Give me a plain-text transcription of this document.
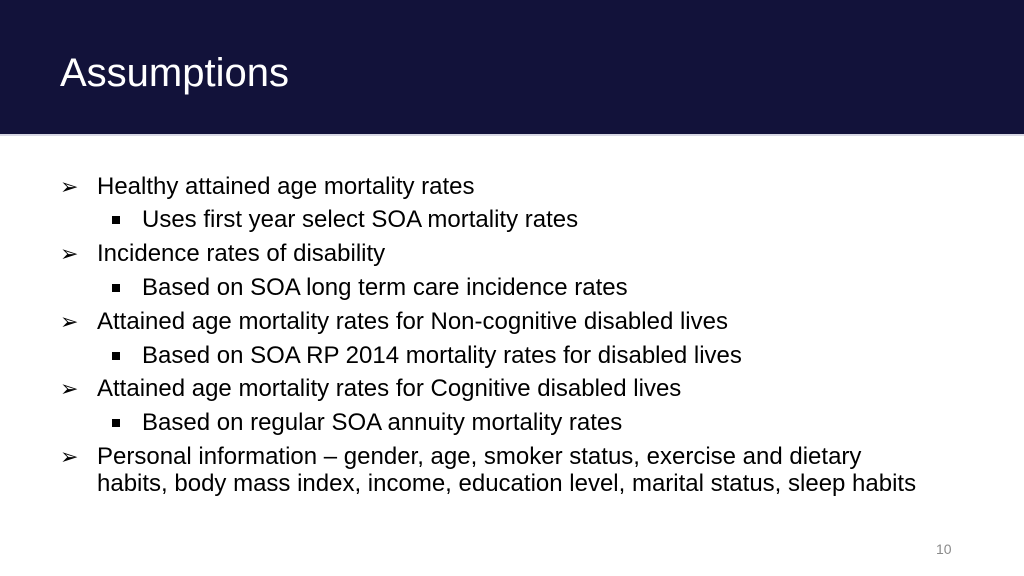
Assumptions
➢ Healthy attained age mortality rates
Uses first year select SOA mortality rates
➢ Incidence rates of disability
Based on SOA long term care incidence rates
➢ Attained age mortality rates for Non-cognitive disabled lives
Based on SOA RP 2014 mortality rates for disabled lives
➢ Attained age mortality rates for Cognitive disabled lives
Based on regular SOA annuity mortality rates
➢ Personal information – gender, age, smoker status, exercise and dietary habits, body mass index, income, education level, marital status, sleep habits
10
